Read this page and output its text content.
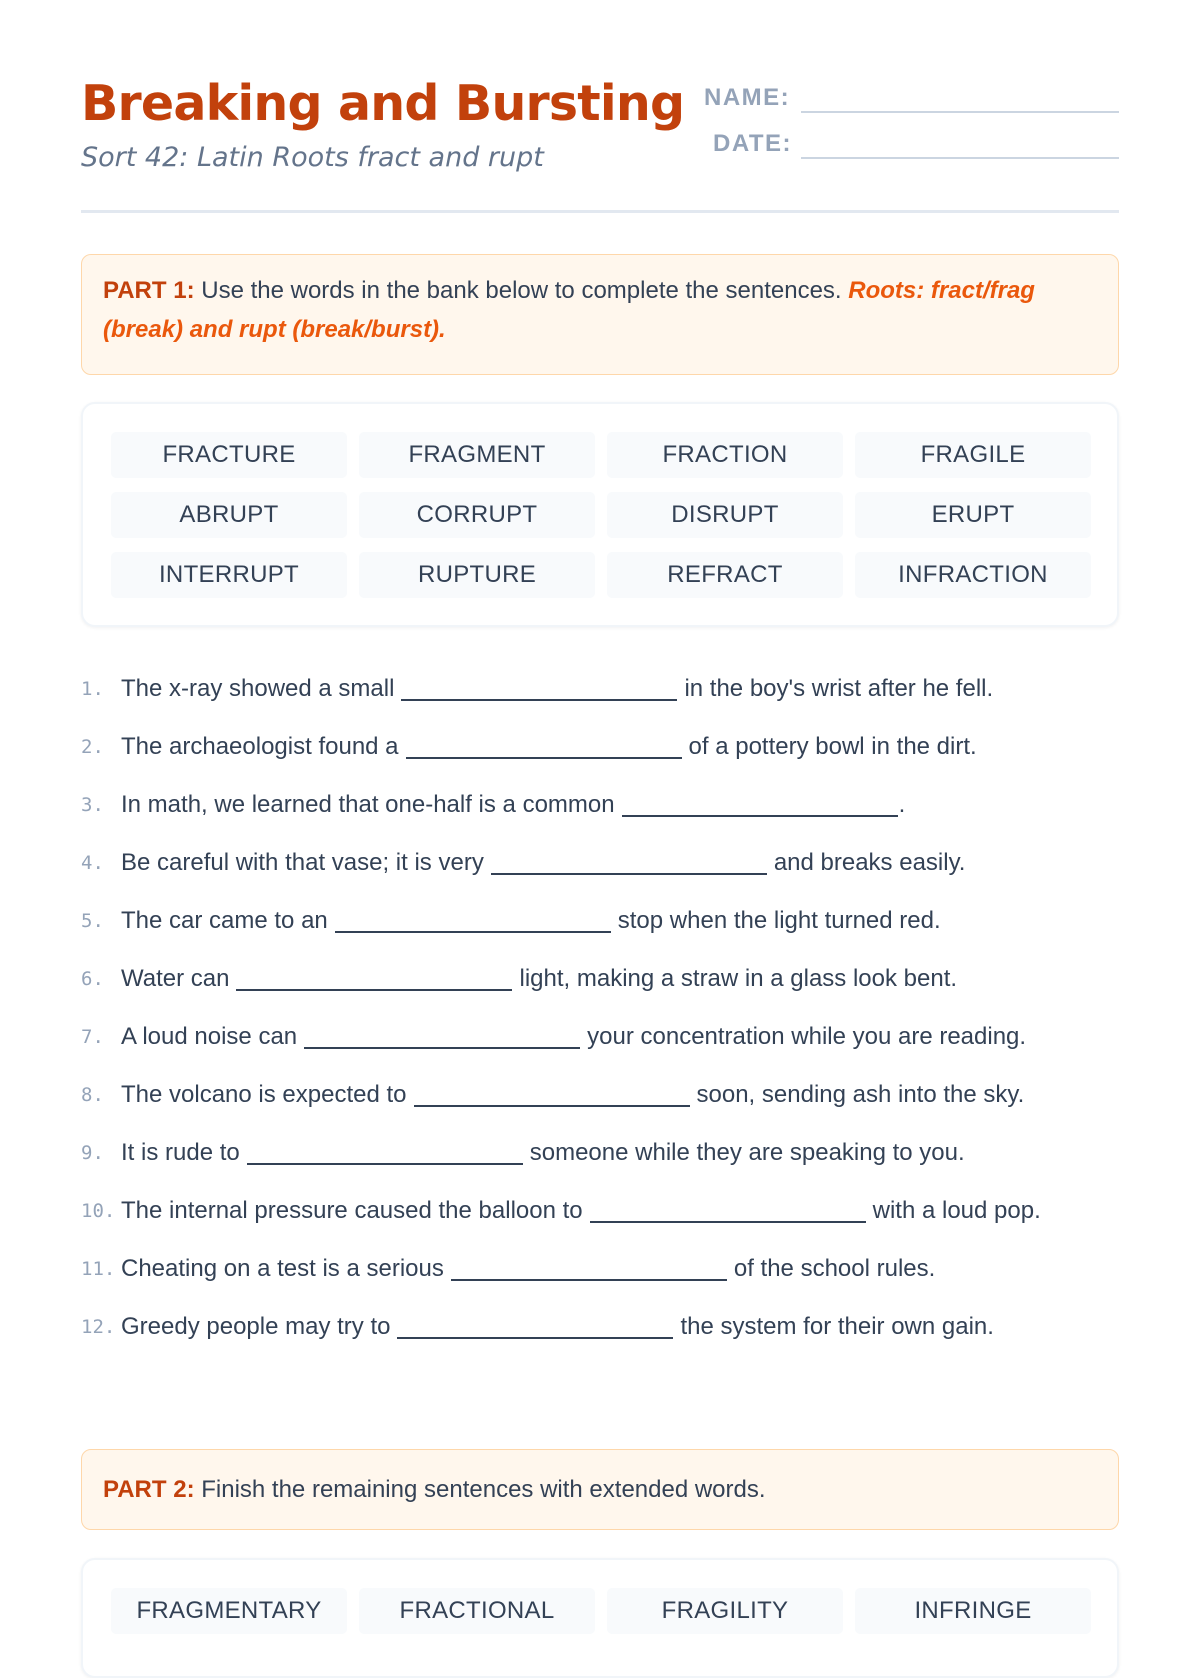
Breaking and Bursting
Sort 42: Latin Roots fract and rupt
NAME:
DATE:
PART 1: Use the words in the bank below to complete the sentences. Roots: fract/frag (break) and rupt (break/burst).
FRACTURE	FRAGMENT	FRACTION	FRAGILE
ABRUPT	CORRUPT	DISRUPT	ERUPT
INTERRUPT	RUPTURE	REFRACT	INFRACTION
1. The x-ray showed a small	in the boy's wrist after he fell.
2. The archaeologist found a	of a pottery bowl in the dirt.
3. In math, we learned that one-half is a common	.
4. Be careful with that vase; it is very	and breaks easily.
5. The car came to an	stop when the light turned red.
6. Water can	light, making a straw in a glass look bent.
7. A loud noise can	your concentration while you are reading.
8. The volcano is expected to	soon, sending ash into the sky.
9. It is rude to	someone while they are speaking to you.
10. The internal pressure caused the balloon to	with a loud pop.
11. Cheating on a test is a serious	of the school rules.
12. Greedy people may try to	the system for their own gain.
PART 2: Finish the remaining sentences with extended words.
FRAGMENTARY	FRACTIONAL	FRAGILITY	INFRINGE
